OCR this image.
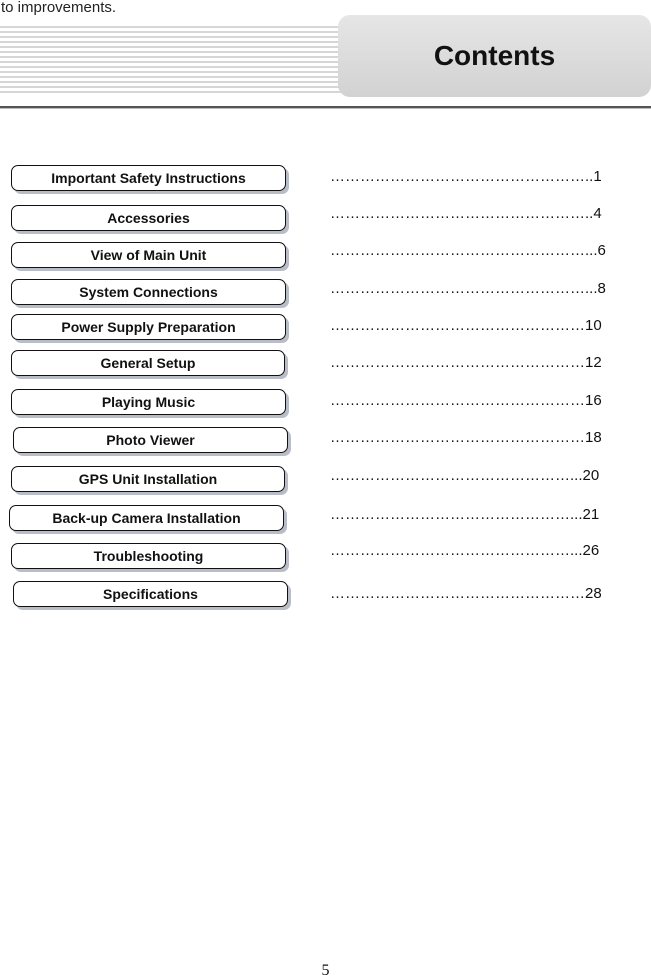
to improvements.
Contents
Important Safety Instructions	……………………………………………..1
Accessories	……………………………………………..4
View of Main Unit	……………………………………………...6
System Connections	……………………………………………...8
Power Supply Preparation	……………………………………………10
General Setup	……………………………………………12
Playing Music	……………………………………………16
Photo Viewer	……………………………………………18
GPS Unit Installation	…………………………………………...20
Back-up Camera Installation	…………………………………………...21
Troubleshooting	…………………………………………...26
Specifications	……………………………………………28
5
